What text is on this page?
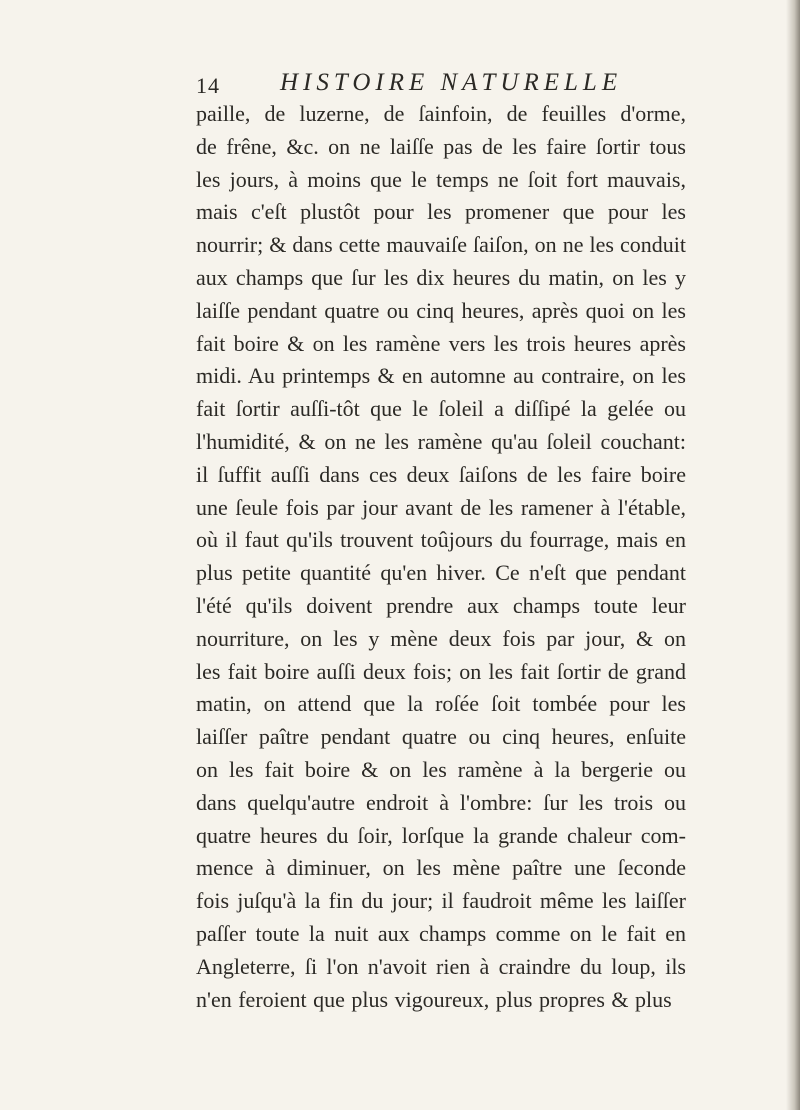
14 HISTOIRE NATURELLE
paille, de luzerne, de ſainfoin, de feuilles d'orme,
de frêne, &c. on ne laiſſe pas de les faire ſortir tous
les jours, à moins que le temps ne ſoit fort mauvais,
mais c'eſt plustôt pour les promener que pour les
nourrir; & dans cette mauvaiſe ſaiſon, on ne les conduit
aux champs que ſur les dix heures du matin, on les y
laiſſe pendant quatre ou cinq heures, après quoi on les
fait boire & on les ramène vers les trois heures après
midi. Au printemps & en automne au contraire, on les
fait ſortir auſſi-tôt que le ſoleil a diſſipé la gelée ou
l'humidité, & on ne les ramène qu'au ſoleil couchant:
il ſuffit auſſi dans ces deux ſaiſons de les faire boire
une ſeule fois par jour avant de les ramener à l'étable,
où il faut qu'ils trouvent toûjours du fourrage, mais en
plus petite quantité qu'en hiver. Ce n'eſt que pendant
l'été qu'ils doivent prendre aux champs toute leur
nourriture, on les y mène deux fois par jour, & on
les fait boire auſſi deux fois; on les fait ſortir de grand
matin, on attend que la roſée ſoit tombée pour les
laiſſer paître pendant quatre ou cinq heures, enſuite
on les fait boire & on les ramène à la bergerie ou
dans quelqu'autre endroit à l'ombre: ſur les trois ou
quatre heures du ſoir, lorſque la grande chaleur com-
mence à diminuer, on les mène paître une ſeconde
fois juſqu'à la fin du jour; il faudroit même les laiſſer
paſſer toute la nuit aux champs comme on le fait en
Angleterre, ſi l'on n'avoit rien à craindre du loup, ils
n'en feroient que plus vigoureux, plus propres & plus
